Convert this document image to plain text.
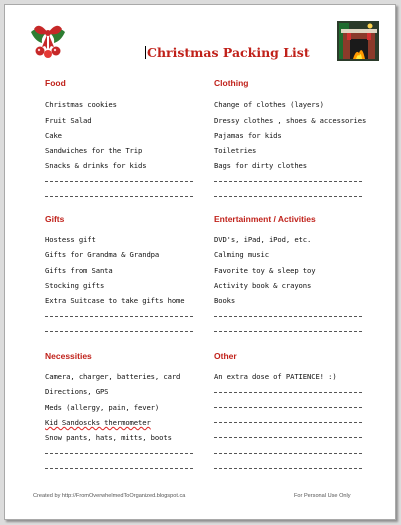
Christmas Packing List
Food
Christmas cookies
Fruit Salad
Cake
Sandwiches for the Trip
Snacks & drinks for kids
Clothing
Change of clothes (layers)
Dressy clothes , shoes & accessories
Pajamas for kids
Toiletries
Bags for dirty clothes
Gifts
Hostess gift
Gifts for Grandma & Grandpa
Gifts from Santa
Stocking gifts
Extra Suitcase to take gifts home
Entertainment / Activities
DVD's, iPad, iPod, etc.
Calming music
Favorite toy & sleep toy
Activity book & crayons
Books
Necessities
Camera, charger, batteries, card
Directions, GPS
Meds (allergy, pain, fever)
Kid Sandoscks thermometer
Snow pants, hats, mitts, boots
Other
An extra dose of PATIENCE! :)
Created by http://FromOverwhelmedToOrganized.blogspot.ca	For Personal Use Only
